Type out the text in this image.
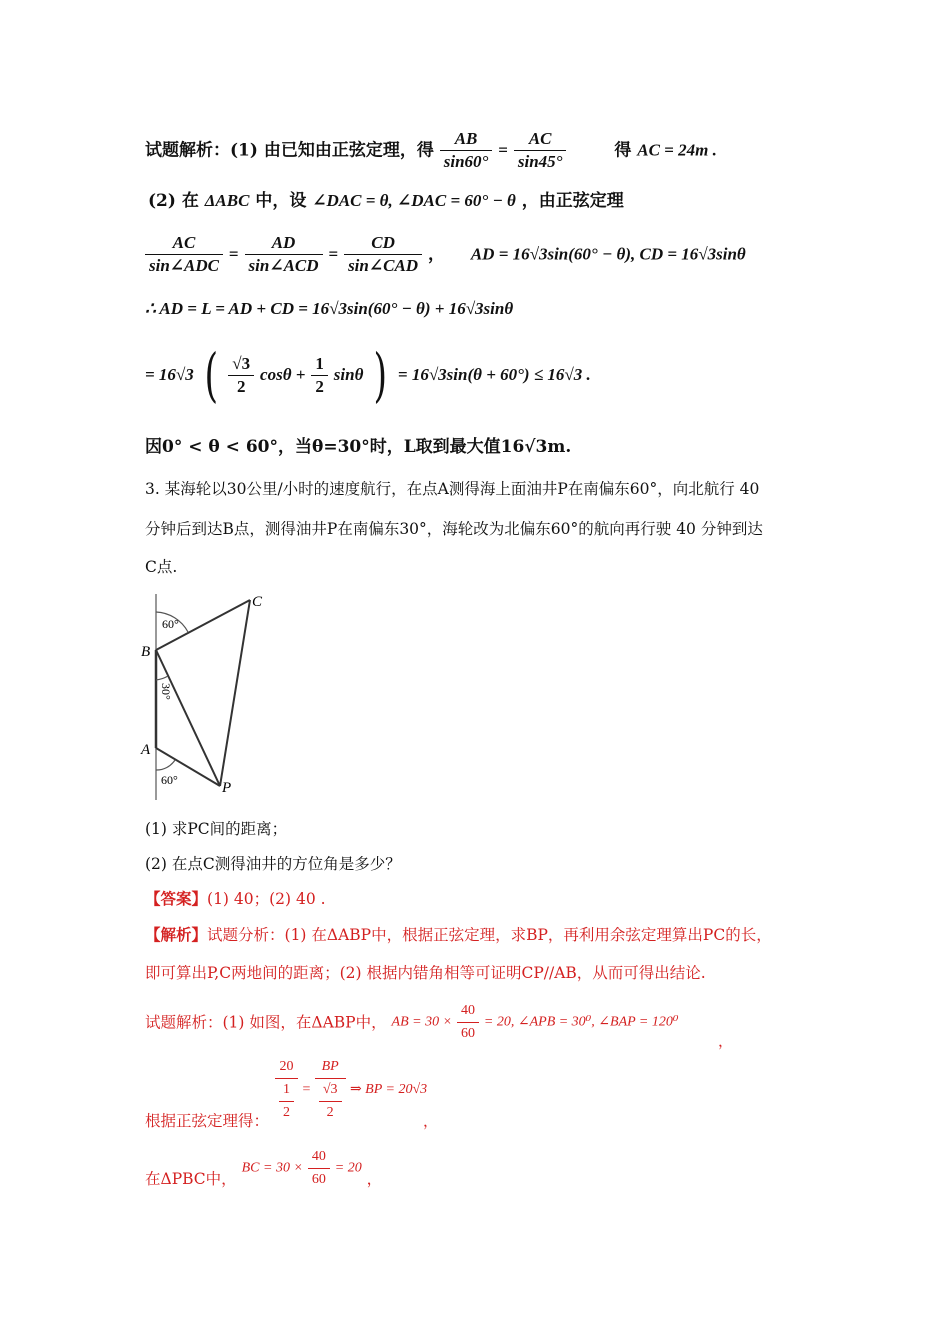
试题解析：(1) 由已知由正弦定理，得 $\frac{AB}{\sin 60^\circ} = \frac{AC}{\sin 45^\circ}$	得 AC = 24m .
(2) 在 ΔABC 中，设 ∠DAC = θ, ∠DAC = 60° − θ ，由正弦定理
$\frac{AC}{\text{sin∠ADC}} = \frac{AD}{\text{sin∠ACD}} = \frac{CD}{\text{sin∠CAD}}$ ， AD = 16√3sin(60° − θ), CD = 16√3sinθ
∴ AD = L = AD + CD = 16√3sin(60° − θ) + 16√3sinθ
= 16√3 ( $\frac{√3}{2}$ $\cos\theta + \frac{1}{2}$ sinθ ) = 16√3sin(θ + 60°) ≤ 16√3 .
因0° < θ < 60°，当θ=30°时，L取到最大值16√3m.
3. 某海轮以30公里/小时的速度航行，在点A测得海上面油井P在南偏东60°，向北航行 40
分钟后到达B点，测得油井P在南偏东30°，海轮改为北偏东60°的航向再行驶 40 分钟到达
C点.
C
B
A
P
60°
30°
60°
(1) 求PC间的距离；
(2) 在点C测得油井的方位角是多少？
【答案】(1) 40；(2) 40 .
【解析】试题分析：(1) 在ΔABP中，根据正弦定理，求BP，再利用余弦定理算出PC的长，
即可算出P,C两地间的距离；(2) 根据内错角相等可证明CP//AB，从而可得出结论.
试题解析：(1) 如图，在ΔABP中， AB = $30 \times \frac{40}{60} = 20$, ∠APB = 30⁰, ∠BAP = 120⁰
，
$\frac{20}{\frac{1}{2}} = \frac{BP}{\frac{√3}{2}}$ ⇒ BP = 20√3
根据正弦定理得：	，
在ΔPBC中， BC = $30 \times \frac{40}{60} = 20$ ，
